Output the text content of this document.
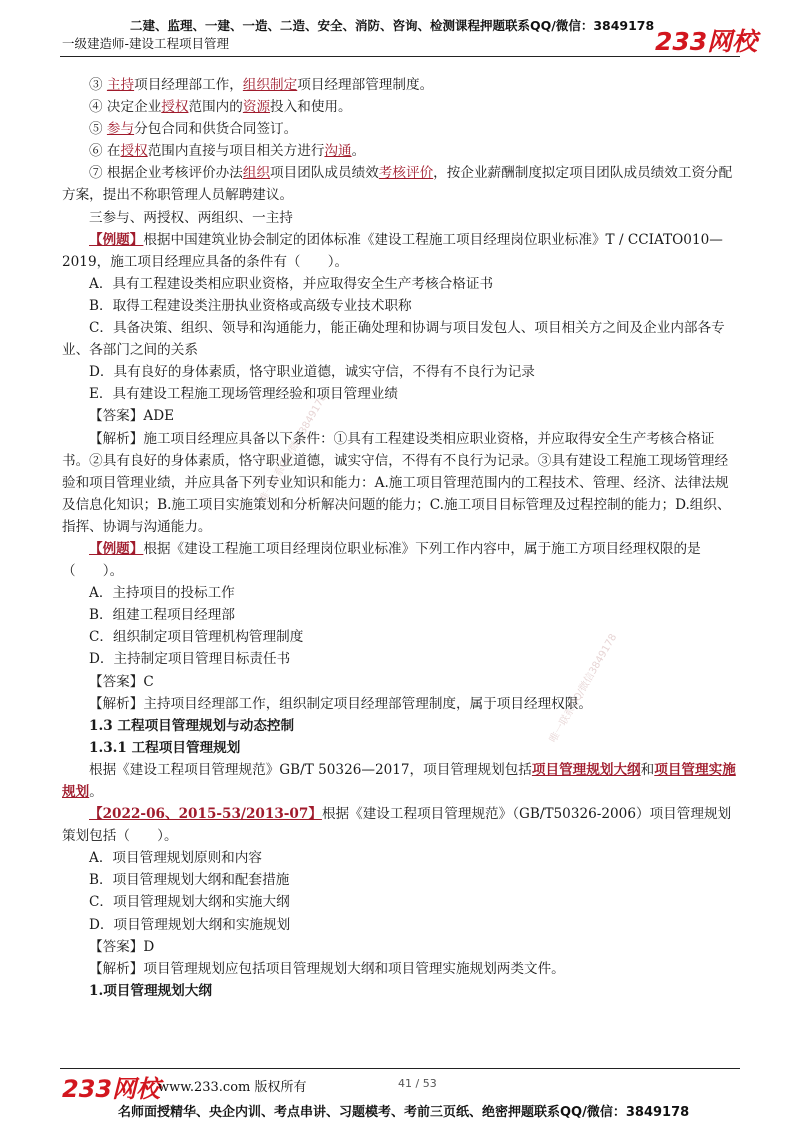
二建、监理、一建、一造、二造、安全、消防、咨询、检测课程押题联系QQ/微信：3849178
一级建造师-建设工程项目管理	233网校
唯一联系QQ/微信3849178
唯一联系QQ/微信3849178

③ 主持项目经理部工作，组织制定项目经理部管理制度。

④ 决定企业授权范围内的资源投入和使用。

⑤ 参与分包合同和供货合同签订。

⑥ 在授权范围内直接与项目相关方进行沟通。

⑦ 根据企业考核评价办法组织项目团队成员绩效考核评价，按企业薪酬制度拟定项目团队成员绩效工资分配方案，提出不称职管理人员解聘建议。

三参与、两授权、两组织、一主持

【例题】根据中国建筑业协会制定的团体标准《建设工程施工项目经理岗位职业标准》T / CCIATO010—2019，施工项目经理应具备的条件有（　　）。

A．具有工程建设类相应职业资格，并应取得安全生产考核合格证书

B．取得工程建设类注册执业资格或高级专业技术职称

C．具备决策、组织、领导和沟通能力，能正确处理和协调与项目发包人、项目相关方之间及企业内部各专业、各部门之间的关系

D．具有良好的身体素质，恪守职业道德，诚实守信，不得有不良行为记录

E．具有建设工程施工现场管理经验和项目管理业绩

【答案】ADE

【解析】施工项目经理应具备以下条件：①具有工程建设类相应职业资格，并应取得安全生产考核合格证书。②具有良好的身体素质，恪守职业道德，诚实守信，不得有不良行为记录。③具有建设工程施工现场管理经验和项目管理业绩，并应具备下列专业知识和能力：A.施工项目管理范围内的工程技术、管理、经济、法律法规及信息化知识；B.施工项目实施策划和分析解决问题的能力；C.施工项目目标管理及过程控制的能力；D.组织、指挥、协调与沟通能力。

【例题】根据《建设工程施工项目经理岗位职业标准》下列工作内容中，属于施工方项目经理权限的是（　　）。

A．主持项目的投标工作

B．组建工程项目经理部

C．组织制定项目管理机构管理制度

D．主持制定项目管理目标责任书

【答案】C

【解析】主持项目经理部工作，组织制定项目经理部管理制度，属于项目经理权限。

1.3 工程项目管理规划与动态控制

1.3.1 工程项目管理规划

根据《建设工程项目管理规范》GB/T 50326—2017，项目管理规划包括项目管理规划大纲和项目管理实施规划。

【2022-06、2015-53/2013-07】根据《建设工程项目管理规范》（GB/T50326-2006）项目管理规划策划包括（　　）。

A．项目管理规划原则和内容

B．项目管理规划大纲和配套措施

C．项目管理规划大纲和实施大纲

D．项目管理规划大纲和实施规划

【答案】D

【解析】项目管理规划应包括项目管理规划大纲和项目管理实施规划两类文件。

1.项目管理规划大纲

233网校
www.233.com 版权所有	41 / 53
名师面授精华、央企内训、考点串讲、习题模考、考前三页纸、绝密押题联系QQ/微信：3849178
